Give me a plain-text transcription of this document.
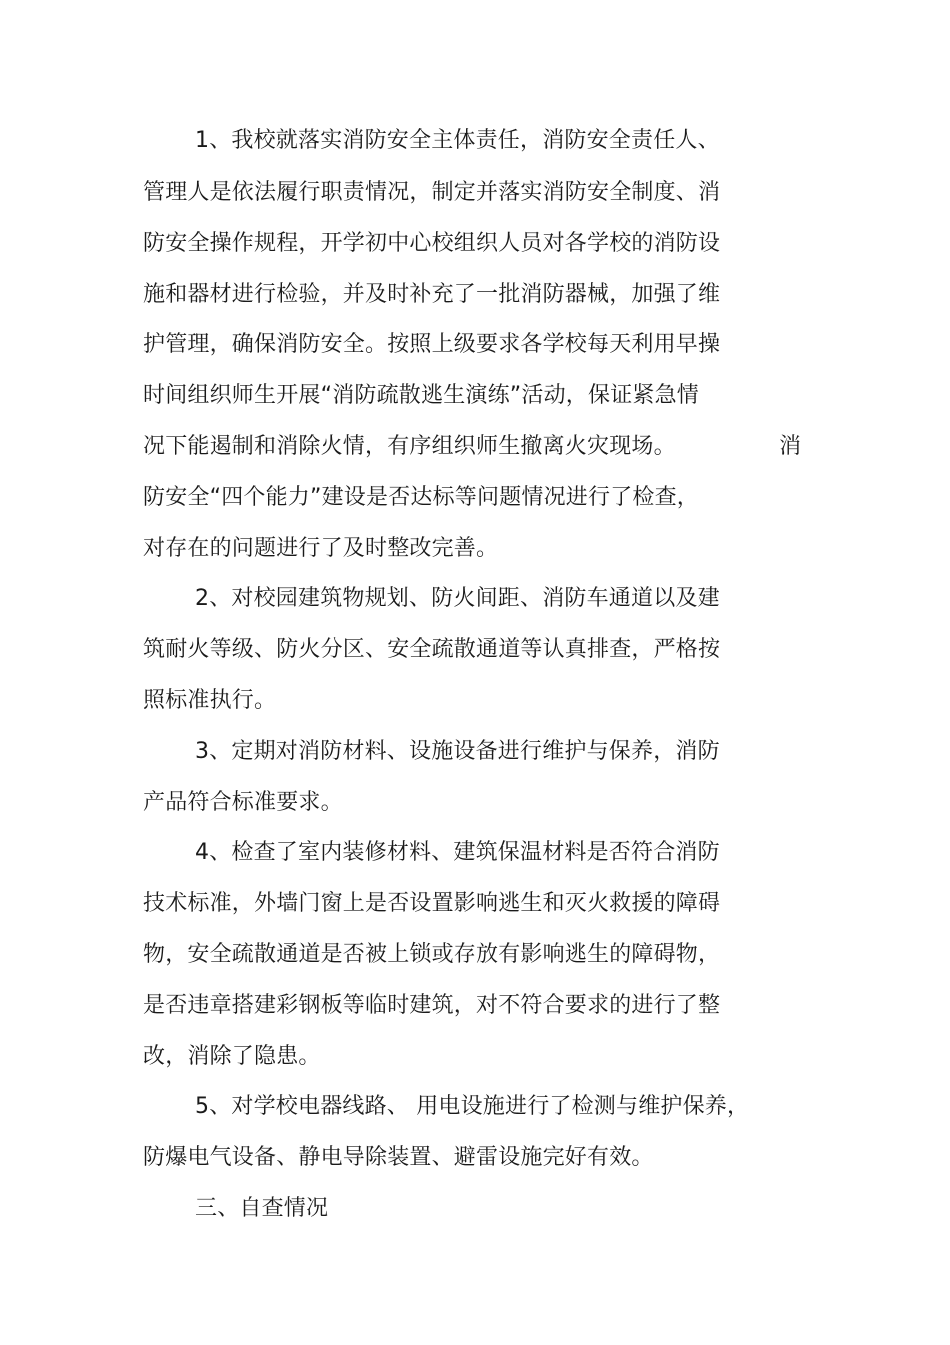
1、我校就落实消防安全主体责任，消防安全责任人、
管理人是依法履行职责情况，制定并落实消防安全制度、消
防安全操作规程，开学初中心校组织人员对各学校的消防设
施和器材进行检验，并及时补充了一批消防器械，加强了维
护管理，确保消防安全。按照上级要求各学校每天利用早操
时间组织师生开展“消防疏散逃生演练”活动，保证紧急情
况下能遏制和消除火情，有序组织师生撤离火灾现场。	消
防安全“四个能力”建设是否达标等问题情况进行了检查，
对存在的问题进行了及时整改完善。
2、对校园建筑物规划、防火间距、消防车通道以及建
筑耐火等级、防火分区、安全疏散通道等认真排查，严格按
照标准执行。
3、定期对消防材料、设施设备进行维护与保养，消防
产品符合标准要求。
4、检查了室内装修材料、建筑保温材料是否符合消防
技术标准，外墙门窗上是否设置影响逃生和灭火救援的障碍
物，安全疏散通道是否被上锁或存放有影响逃生的障碍物，
是否违章搭建彩钢板等临时建筑，对不符合要求的进行了整
改，消除了隐患。
5、对学校电器线路、 用电设施进行了检测与维护保养，
防爆电气设备、静电导除装置、避雷设施完好有效。
三、自查情况
